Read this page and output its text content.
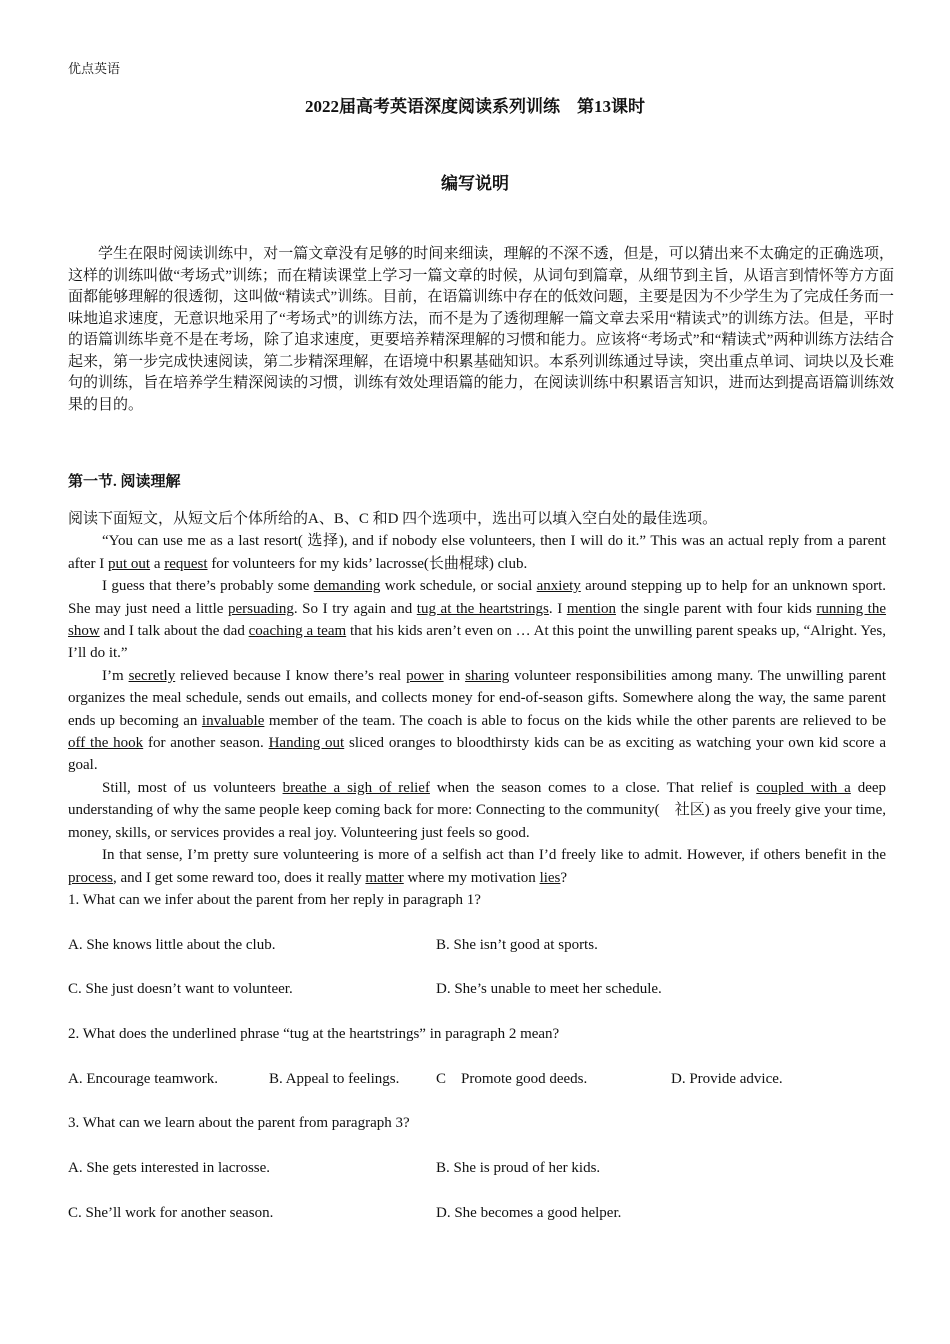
优点英语
2022届高考英语深度阅读系列训练　第13课时
编写说明

学生在限时阅读训练中，对一篇文章没有足够的时间来细读，理解的不深不透，但是，可以猜出来不太确定的正确选项，这样的训练叫做“考场式”训练；而在精读课堂上学习一篇文章的时候，从词句到篇章，从细节到主旨，从语言到情怀等方方面面都能够理解的很透彻，这叫做“精读式”训练。目前，在语篇训练中存在的低效问题，主要是因为不少学生为了完成任务而一味地追求速度，无意识地采用了“考场式”的训练方法，而不是为了透彻理解一篇文章去采用“精读式”的训练方法。但是，平时的语篇训练毕竟不是在考场，除了追求速度，更要培养精深理解的习惯和能力。应该将“考场式”和“精读式”两种训练方法结合起来，第一步完成快速阅读，第二步精深理解，在语境中积累基础知识。本系列训练通过导读，突出重点单词、词块以及长难句的训练，旨在培养学生精深阅读的习惯，训练有效处理语篇的能力，在阅读训练中积累语言知识，进而达到提高语篇训练效果的目的。

第一节. 阅读理解

阅读下面短文，从短文后个体所给的A、B、C 和D 四个选项中，选出可以填入空白处的最佳选项。

“You can use me as a last resort( 选择), and if nobody else volunteers, then I will do it.” This was an actual reply from a parent after I put out a request for volunteers for my kids’ lacrosse(长曲棍球) club.

I guess that there’s probably some demanding work schedule, or social anxiety around stepping up to help for an unknown sport. She may just need a little persuading. So I try again and tug at the heartstrings. I mention the single parent with four kids running the show and I talk about the dad coaching a team that his kids aren’t even on … At this point the unwilling parent speaks up, “Alright. Yes, I’ll do it.”

I’m secretly relieved because I know there’s real power in sharing volunteer responsibilities among many. The unwilling parent organizes the meal schedule, sends out emails, and collects money for end-of-season gifts. Somewhere along the way, the same parent ends up becoming an invaluable member of the team. The coach is able to focus on the kids while the other parents are relieved to be off the hook for another season. Handing out sliced oranges to bloodthirsty kids can be as exciting as watching your own kid score a goal.

Still, most of us volunteers breathe a sigh of relief when the season comes to a close. That relief is coupled with a deep understanding of why the same people keep coming back for more: Connecting to the community(　社区) as you freely give your time, money, skills, or services provides a real joy. Volunteering just feels so good.

In that sense, I’m pretty sure volunteering is more of a selfish act than I’d freely like to admit. However, if others benefit in the process, and I get some reward too, does it really matter where my motivation lies?

1. What can we infer about the parent from her reply in paragraph 1?
A. She knows little about the club.	B. She isn’t good at sports.
C. She just doesn’t want to volunteer.	D. She’s unable to meet her schedule.
2. What does the underlined phrase “tug at the heartstrings” in paragraph 2 mean?
A. Encourage teamwork.	B. Appeal to feelings. C　Promote good deeds.	D. Provide advice.
3. What can we learn about the parent from paragraph 3?
A. She gets interested in lacrosse.	B. She is proud of her kids.
C. She’ll work for another season.	D. She becomes a good helper.
